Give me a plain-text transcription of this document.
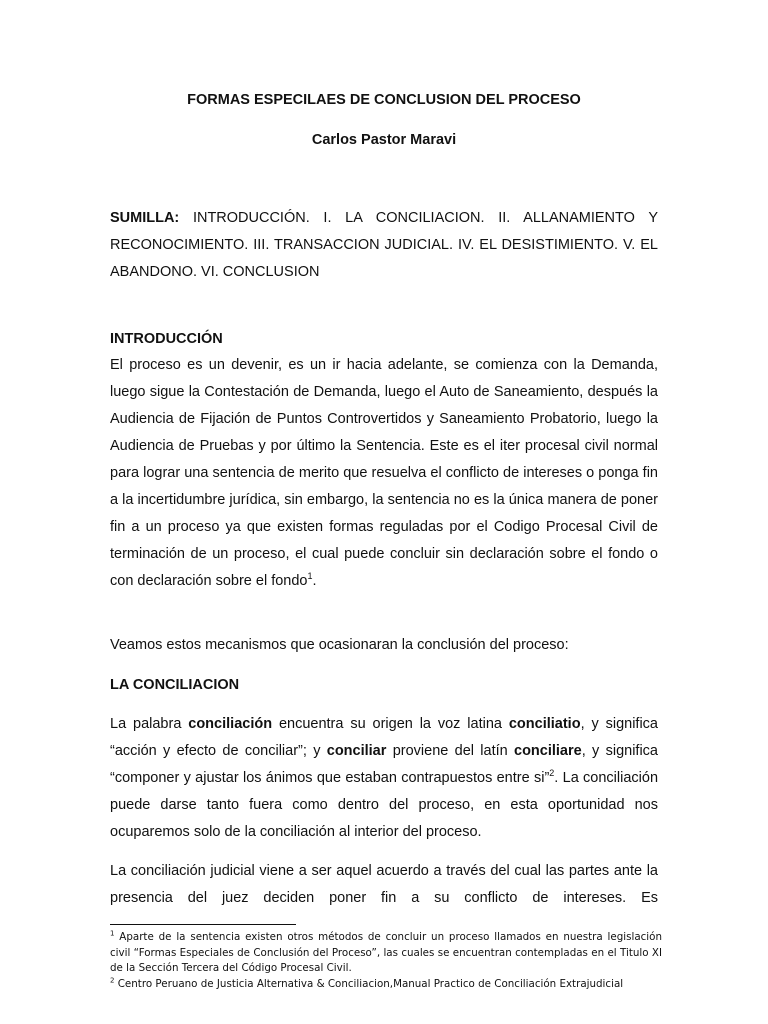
FORMAS ESPECILAES DE CONCLUSION DEL PROCESO
Carlos Pastor Maravi

SUMILLA: INTRODUCCIÓN. I. LA CONCILIACION. II. ALLANAMIENTO Y RECONOCIMIENTO. III. TRANSACCION JUDICIAL. IV. EL DESISTIMIENTO. V. EL ABANDONO. VI. CONCLUSION

INTRODUCCIÓN

El proceso es un devenir, es un ir hacia adelante, se comienza con la Demanda, luego sigue la Contestación de Demanda, luego el Auto de Saneamiento, después la Audiencia de Fijación de Puntos Controvertidos y Saneamiento Probatorio, luego la Audiencia de Pruebas y por último la Sentencia. Este es el iter procesal civil normal para lograr una sentencia de merito que resuelva el conflicto de intereses o ponga fin a la incertidumbre jurídica, sin embargo, la sentencia no es la única manera de poner fin a un proceso ya que existen formas reguladas por el Codigo Procesal Civil de terminación de un proceso, el cual puede concluir sin declaración sobre el fondo o con declaración sobre el fondo$^1$.

Veamos estos mecanismos que ocasionaran la conclusión del proceso:

LA CONCILIACION

La palabra conciliación encuentra su origen la voz latina conciliatio, y significa “acción y efecto de conciliar”; y conciliar proviene del latín conciliare, y significa “componer y ajustar los ánimos que estaban contrapuestos entre si”$^2$. La conciliación puede darse tanto fuera como dentro del proceso, en esta oportunidad nos ocuparemos solo de la conciliación al interior del proceso.

La conciliación judicial viene a ser aquel acuerdo a través del cual las partes ante la presencia del juez deciden poner fin a su conflicto de intereses. Es

$^1$ Aparte de la sentencia existen otros métodos de concluir un proceso llamados en nuestra legislación civil “Formas Especiales de Conclusión del Proceso”, las cuales se encuentran contempladas en el Titulo XI de la Sección Tercera del Código Procesal Civil.

$^2$ Centro Peruano de Justicia Alternativa & Conciliacion,Manual Practico de Conciliación Extrajudicial
